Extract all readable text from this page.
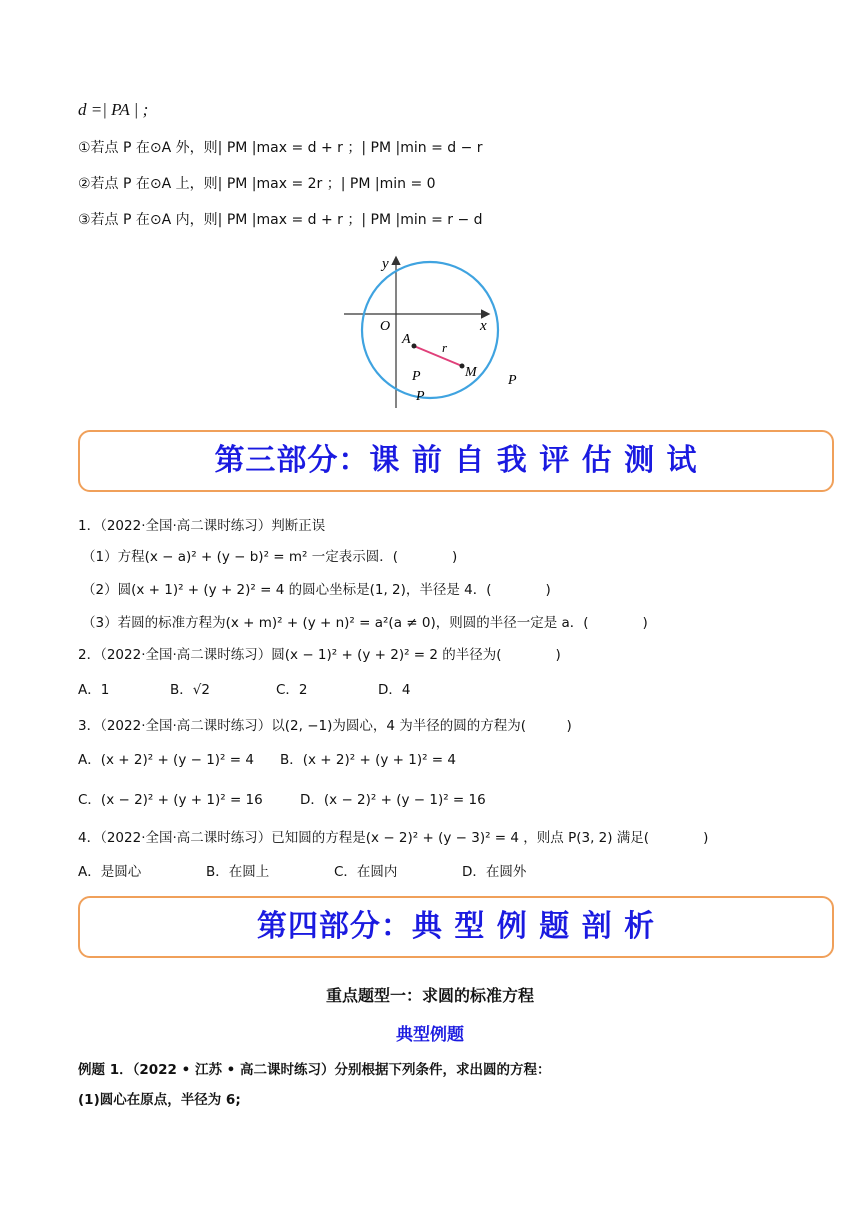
d =| PA | ;
①若点 P 在⊙A 外，则| PM |max = d + r ；| PM |min = d − r
②若点 P 在⊙A 上，则| PM |max = 2r ；| PM |min = 0
③若点 P 在⊙A 内，则| PM |max = d + r ；| PM |min = r − d
y
x
O
A
r
M
P
P
P
第三部分：课 前 自 我 评 估 测 试
1．（2022·全国·高二课时练习）判断正误
（1）方程(x − a)² + (y − b)² = m² 一定表示圆．(　　　　)
（2）圆(x + 1)² + (y + 2)² = 4 的圆心坐标是(1, 2)，半径是 4．(　　　　)
（3）若圆的标准方程为(x + m)² + (y + n)² = a²(a ≠ 0)，则圆的半径一定是 a．(　　　　)
2．（2022·全国·高二课时练习）圆(x − 1)² + (y + 2)² = 2 的半径为(　　　　)
A．1	B．√2	C．2	D．4
3．（2022·全国·高二课时练习）以(2, −1)为圆心，4 为半径的圆的方程为(　　　)
A．(x + 2)² + (y − 1)² = 4 B．(x + 2)² + (y + 1)² = 4
C．(x − 2)² + (y + 1)² = 16	D．(x − 2)² + (y − 1)² = 16
4．（2022·全国·高二课时练习）已知圆的方程是(x − 2)² + (y − 3)² = 4 ，则点 P(3, 2) 满足(　　　　)
A．是圆心	B．在圆上	C．在圆内	D．在圆外
第四部分：典 型 例 题 剖 析
重点题型一：求圆的标准方程
典型例题
例题 1．（2022 • 江苏 • 高二课时练习）分别根据下列条件，求出圆的方程：
(1)圆心在原点，半径为 6;
